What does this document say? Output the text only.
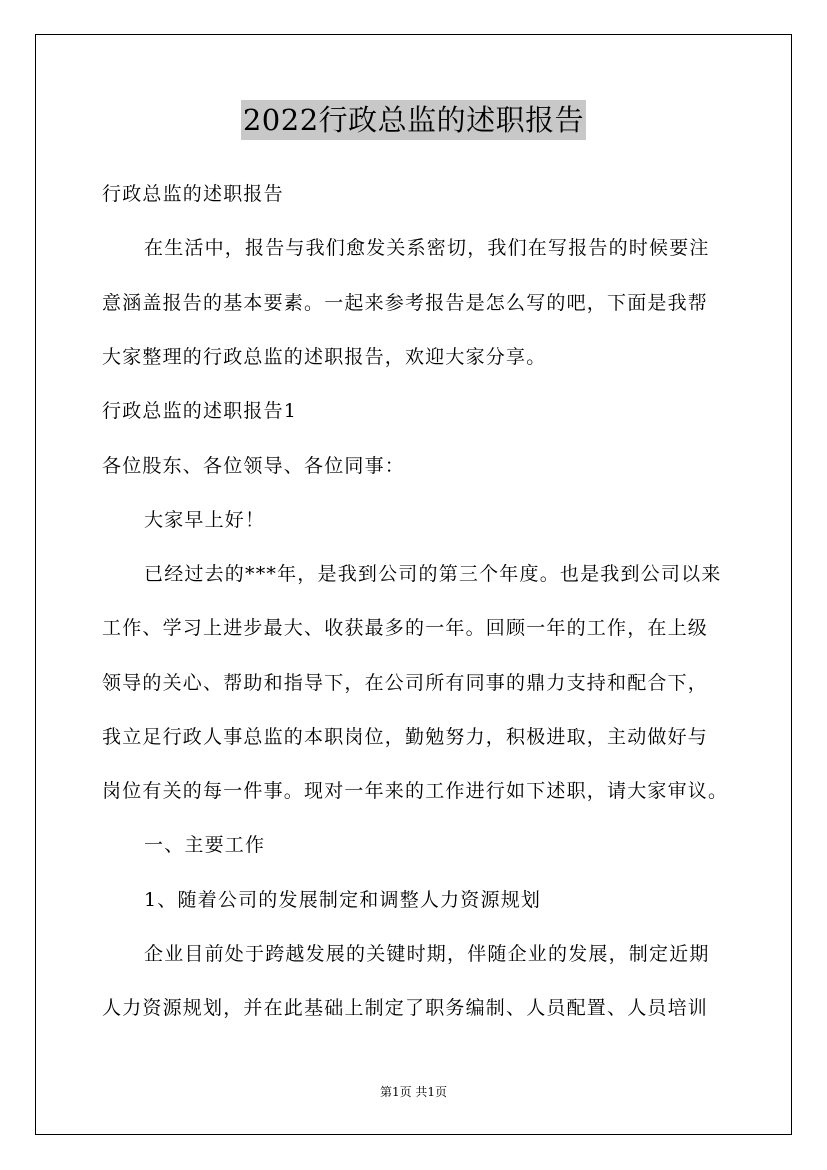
2022行政总监的述职报告
行政总监的述职报告
在生活中，报告与我们愈发关系密切，我们在写报告的时候要注
意涵盖报告的基本要素。一起来参考报告是怎么写的吧，下面是我帮
大家整理的行政总监的述职报告，欢迎大家分享。
行政总监的述职报告1
各位股东、各位领导、各位同事：
大家早上好！
已经过去的***年，是我到公司的第三个年度。也是我到公司以来
工作、学习上进步最大、收获最多的一年。回顾一年的工作，在上级
领导的关心、帮助和指导下，在公司所有同事的鼎力支持和配合下，
我立足行政人事总监的本职岗位，勤勉努力，积极进取，主动做好与
岗位有关的每一件事。现对一年来的工作进行如下述职，请大家审议。
一、主要工作
1、随着公司的发展制定和调整人力资源规划
企业目前处于跨越发展的关键时期，伴随企业的发展，制定近期
人力资源规划，并在此基础上制定了职务编制、人员配置、人员培训
第1页 共1页
